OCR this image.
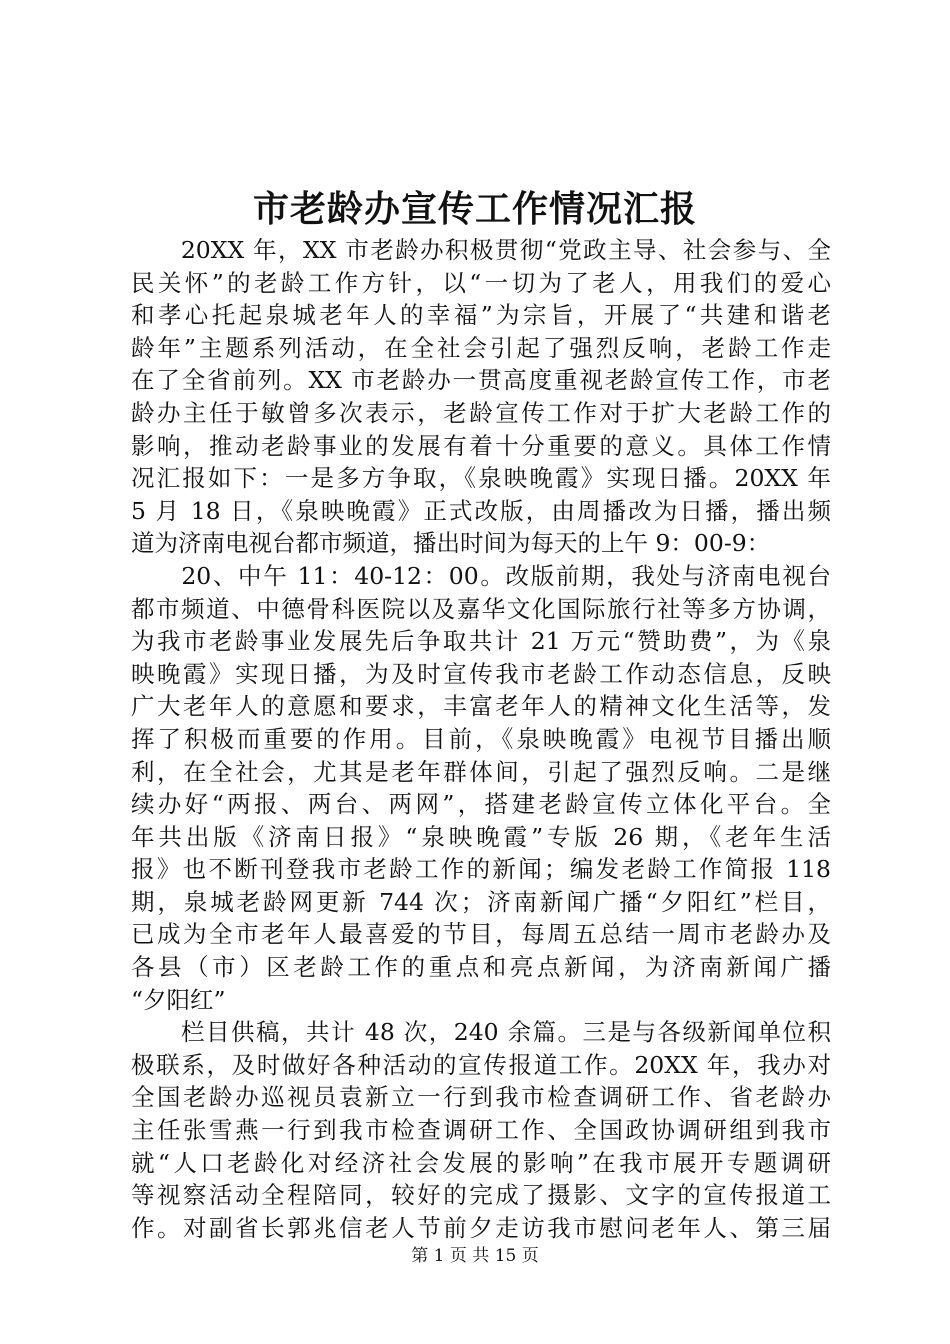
市老龄办宣传工作情况汇报
　　20XX 年，XX 市老龄办积极贯彻“党政主导、社会参与、全
民关怀”的老龄工作方针，以“一切为了老人，用我们的爱心
和孝心托起泉城老年人的幸福”为宗旨，开展了“共建和谐老
龄年”主题系列活动，在全社会引起了强烈反响，老龄工作走
在了全省前列。XX 市老龄办一贯高度重视老龄宣传工作，市老
龄办主任于敏曾多次表示，老龄宣传工作对于扩大老龄工作的
影响，推动老龄事业的发展有着十分重要的意义。具体工作情
况汇报如下：一是多方争取，《泉映晚霞》实现日播。20XX 年
5 月 18 日，《泉映晚霞》正式改版，由周播改为日播，播出频
道为济南电视台都市频道，播出时间为每天的上午 9：00-9：
　　20、中午 11：40-12：00。改版前期，我处与济南电视台
都市频道、中德骨科医院以及嘉华文化国际旅行社等多方协调，
为我市老龄事业发展先后争取共计 21 万元“赞助费”，为《泉
映晚霞》实现日播，为及时宣传我市老龄工作动态信息，反映
广大老年人的意愿和要求，丰富老年人的精神文化生活等，发
挥了积极而重要的作用。目前，《泉映晚霞》电视节目播出顺
利，在全社会，尤其是老年群体间，引起了强烈反响。二是继
续办好“两报、两台、两网”，搭建老龄宣传立体化平台。全
年共出版《济南日报》“泉映晚霞”专版 26 期，《老年生活
报》也不断刊登我市老龄工作的新闻；编发老龄工作简报 118
期，泉城老龄网更新 744 次；济南新闻广播“夕阳红”栏目，
已成为全市老年人最喜爱的节目，每周五总结一周市老龄办及
各县（市）区老龄工作的重点和亮点新闻，为济南新闻广播
“夕阳红”
　　栏目供稿，共计 48 次，240 余篇。三是与各级新闻单位积
极联系，及时做好各种活动的宣传报道工作。20XX 年，我办对
全国老龄办巡视员袁新立一行到我市检查调研工作、省老龄办
主任张雪燕一行到我市检查调研工作、全国政协调研组到我市
就“人口老龄化对经济社会发展的影响”在我市展开专题调研
等视察活动全程陪同，较好的完成了摄影、文字的宣传报道工
作。对副省长郭兆信老人节前夕走访我市慰问老年人、第三届
第 1 页 共 15 页
